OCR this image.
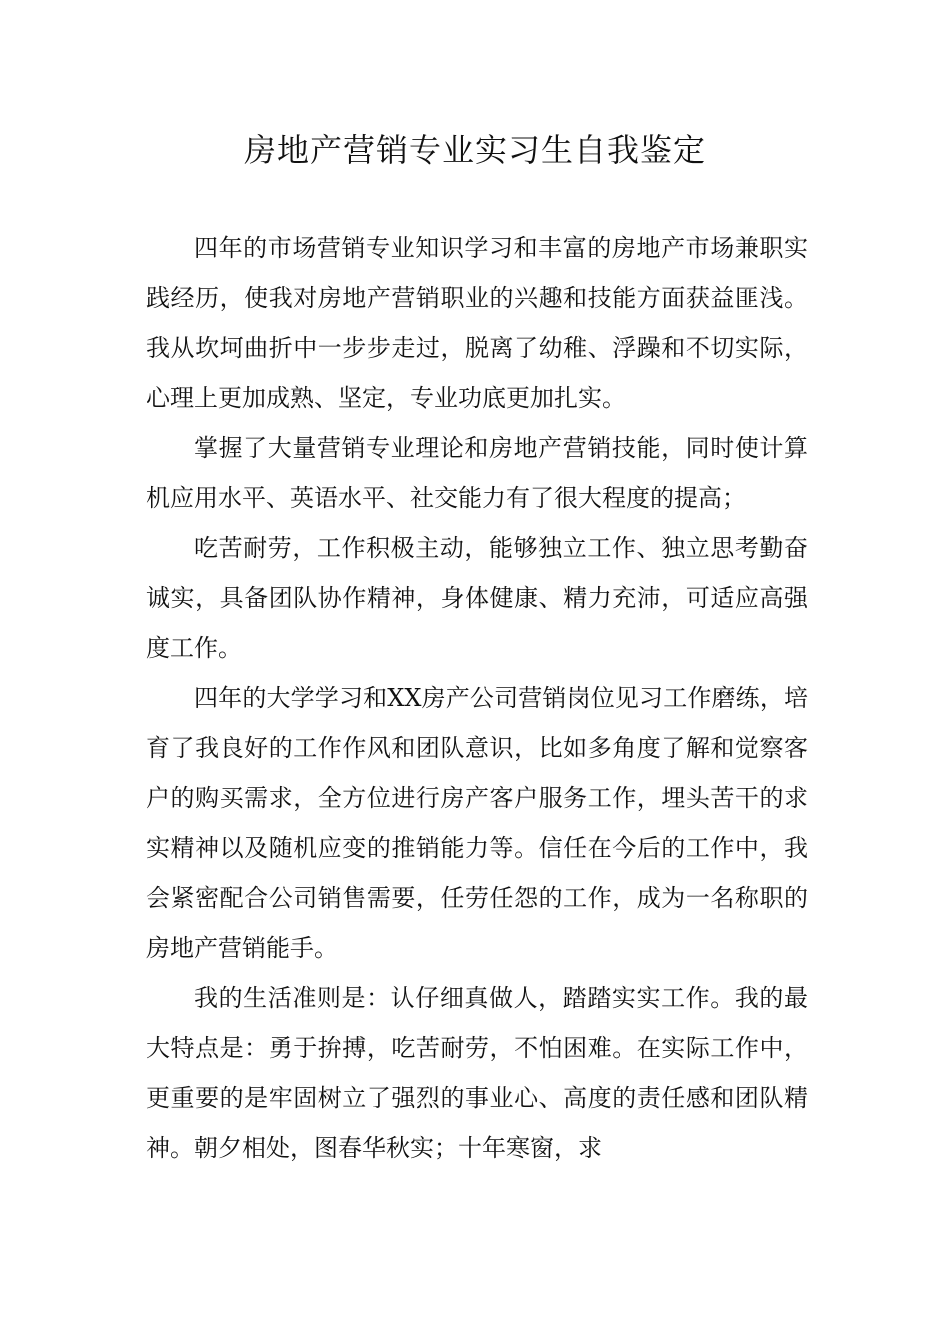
房地产营销专业实习生自我鉴定

四年的市场营销专业知识学习和丰富的房地产市场兼职实践经历，使我对房地产营销职业的兴趣和技能方面获益匪浅。我从坎坷曲折中一步步走过，脱离了幼稚、浮躁和不切实际，心理上更加成熟、坚定，专业功底更加扎实。

掌握了大量营销专业理论和房地产营销技能，同时使计算机应用水平、英语水平、社交能力有了很大程度的提高；

吃苦耐劳，工作积极主动，能够独立工作、独立思考勤奋诚实，具备团队协作精神，身体健康、精力充沛，可适应高强度工作。

四年的大学学习和XX房产公司营销岗位见习工作磨练，培育了我良好的工作作风和团队意识，比如多角度了解和觉察客户的购买需求，全方位进行房产客户服务工作，埋头苦干的求实精神以及随机应变的推销能力等。信任在今后的工作中，我会紧密配合公司销售需要，任劳任怨的工作，成为一名称职的房地产营销能手。

我的生活准则是：认仔细真做人，踏踏实实工作。我的最大特点是：勇于拚搏，吃苦耐劳，不怕困难。在实际工作中，更重要的是牢固树立了强烈的事业心、高度的责任感和团队精神。朝夕相处，图春华秋实；十年寒窗，求
